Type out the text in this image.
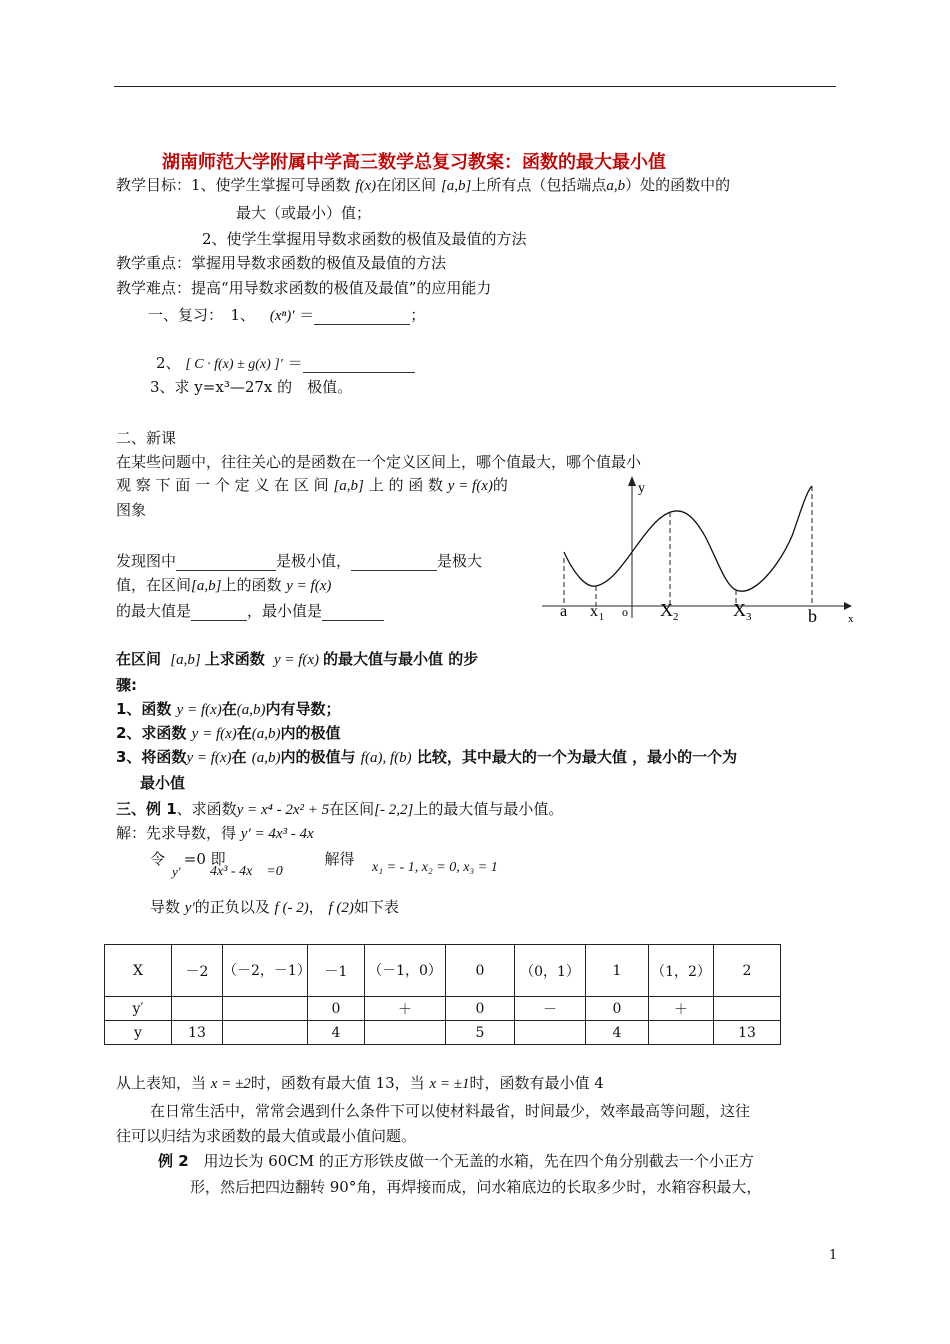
湖南师范大学附属中学高三数学总复习教案：函数的最大最小值
教学目标：1、使学生掌握可导函数 f(x)在闭区间 [a,b]上所有点（包括端点a,b）处的函数中的
最大（或最小）值；
2、使学生掌握用导数求函数的极值及最值的方法
教学重点：掌握用导数求函数的极值及最值的方法
教学难点：提高“用导数求函数的极值及最值”的应用能力
一、复习：　1、 (xⁿ)′ ＝	；
2、 [ C · f(x) ± g(x) ]′ ＝
3、求 y=x³—27x 的　极值。
二、新课
在某些问题中，往往关心的是函数在一个定义区间上，哪个值最大，哪个值最小
观 察 下 面 一 个 定 义 在 区 间 [a,b] 上 的 函 数 y = f(x)的
图象
发现图中	是极小值，	是极大
值，在区间[a,b]上的函数 y = f(x)
的最大值是	，最小值是
y
x
a x 1 o X 2	X 3	b
在区间 [a,b] 上求函数 y = f(x) 的最大值与最小值 的步
骤:
1、函数 y = f(x)在(a,b)内有导数；
2、求函数 y = f(x)在(a,b)内的极值
3、将函数y = f(x)在 (a,b)内的极值与 f(a), f(b) 比较，其中最大的一个为最大值 ，最小的一个为
最小值
三、例 1、求函数y = x⁴ - 2x² + 5在区间[- 2,2]上的最大值与最小值。
解：先求导数，得 y′ = 4x³ - 4x
令 =0 即	解得
y′ 4x³ - 4x　=0	x₁ = - 1, x₂ = 0, x₃ = 1
导数 y′的正负以及 f (- 2)， f (2)如下表
X	－2	（－2，－1）	－1	（－1，0）	0	（0，1）	1	（1，2）	2
y′			0	＋	0	－	0	＋	
y	13		4		5		4		13
从上表知，当 x = ±2时，函数有最大值 13，当 x = ±1时，函数有最小值 4
在日常生活中，常常会遇到什么条件下可以使材料最省，时间最少，效率最高等问题，这往
往可以归结为求函数的最大值或最小值问题。
例 2 用边长为 60CM 的正方形铁皮做一个无盖的水箱，先在四个角分别截去一个小正方
形，然后把四边翻转 90°角，再焊接而成，问水箱底边的长取多少时，水箱容积最大，
1
